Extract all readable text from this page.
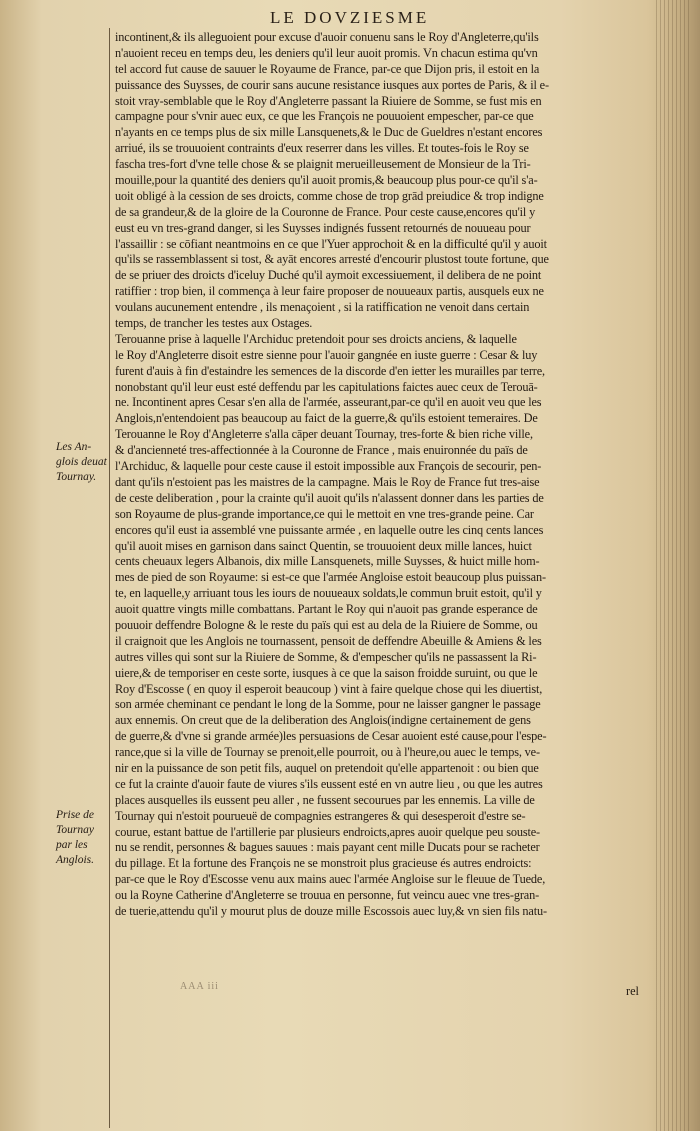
LE DOVZIESME
Les An-
glois deuat
Tournay.
Prise de
Tournay
par les
Anglois.
incontinent,& ils alleguoient pour excuse d'auoir conuenu sans le Roy d'Angleterre,qu'ils
n'auoient receu en temps deu, les deniers qu'il leur auoit promis. Vn chacun estima qu'vn
tel accord fut cause de sauuer le Royaume de France, par-ce que Dijon pris, il estoit en la
puissance des Suysses, de courir sans aucune resistance iusques aux portes de Paris, & il e-
stoit vray-semblable que le Roy d'Angleterre passant la Riuiere de Somme, se fust mis en
campagne pour s'vnir auec eux, ce que les François ne pouuoient empescher, par-ce que
n'ayants en ce temps plus de six mille Lansquenets,& le Duc de Gueldres n'estant encores
arriué, ils se trouuoient contraints d'eux reserrer dans les villes. Et toutes-fois le Roy se
fascha tres-fort d'vne telle chose & se plaignit merueilleusement de Monsieur de la Tri-
mouille,pour la quantité des deniers qu'il auoit promis,& beaucoup plus pour-ce qu'il s'a-
uoit obligé à la cession de ses droicts, comme chose de trop grād preiudice & trop indigne
de sa grandeur,& de la gloire de la Couronne de France. Pour ceste cause,encores qu'il y
eust eu vn tres-grand danger, si les Suysses indignés fussent retournés de nouueau pour
l'assaillir : se cōfiant neantmoins en ce que l'Yuer approchoit & en la difficulté qu'il y auoit
qu'ils se rassemblassent si tost, & ayāt encores arresté d'encourir plustost toute fortune, que
de se priuer des droicts d'iceluy Duché qu'il aymoit excessiuement, il delibera de ne point
ratiffier : trop bien, il commença à leur faire proposer de nouueaux partis, ausquels eux ne
voulans aucunement entendre , ils menaçoient , si la ratiffication ne venoit dans certain
temps, de trancher les testes aux Ostages.
Terouanne prise à laquelle l'Archiduc pretendoit pour ses droicts anciens, & laquelle
le Roy d'Angleterre disoit estre sienne pour l'auoir gangnée en iuste guerre : Cesar & luy
furent d'auis à fin d'estaindre les semences de la discorde d'en ietter les murailles par terre,
nonobstant qu'il leur eust esté deffendu par les capitulations faictes auec ceux de Terouā-
ne. Incontinent apres Cesar s'en alla de l'armée, asseurant,par-ce qu'il en auoit veu que les
Anglois,n'entendoient pas beaucoup au faict de la guerre,& qu'ils estoient temeraires. De
Terouanne le Roy d'Angleterre s'alla cāper deuant Tournay, tres-forte & bien riche ville,
& d'ancienneté tres-affectionnée à la Couronne de France , mais enuironnée du païs de
l'Archiduc, & laquelle pour ceste cause il estoit impossible aux François de secourir, pen-
dant qu'ils n'estoient pas les maistres de la campagne. Mais le Roy de France fut tres-aise
de ceste deliberation , pour la crainte qu'il auoit qu'ils n'alassent donner dans les parties de
son Royaume de plus-grande importance,ce qui le mettoit en vne tres-grande peine. Car
encores qu'il eust ia assemblé vne puissante armée , en laquelle outre les cinq cents lances
qu'il auoit mises en garnison dans sainct Quentin, se trouuoient deux mille lances, huict
cents cheuaux legers Albanois, dix mille Lansquenets, mille Suysses, & huict mille hom-
mes de pied de son Royaume: si est-ce que l'armée Angloise estoit beaucoup plus puissan-
te, en laquelle,y arriuant tous les iours de nouueaux soldats,le commun bruit estoit, qu'il y
auoit quattre vingts mille combattans. Partant le Roy qui n'auoit pas grande esperance de
pouuoir deffendre Bologne & le reste du païs qui est au dela de la Riuiere de Somme, ou
il craignoit que les Anglois ne tournassent, pensoit de deffendre Abeuille & Amiens & les
autres villes qui sont sur la Riuiere de Somme, & d'empescher qu'ils ne passassent la Ri-
uiere,& de temporiser en ceste sorte, iusques à ce que la saison froidde suruint, ou que le
Roy d'Escosse ( en quoy il esperoit beaucoup ) vint à faire quelque chose qui les diuertist,
son armée cheminant ce pendant le long de la Somme, pour ne laisser gangner le passage
aux ennemis. On creut que de la deliberation des Anglois(indigne certainement de gens
de guerre,& d'vne si grande armée)les persuasions de Cesar auoient esté cause,pour l'espe-
rance,que si la ville de Tournay se prenoit,elle pourroit, ou à l'heure,ou auec le temps, ve-
nir en la puissance de son petit fils, auquel on pretendoit qu'elle appartenoit : ou bien que
ce fut la crainte d'auoir faute de viures s'ils eussent esté en vn autre lieu , ou que les autres
places ausquelles ils eussent peu aller , ne fussent secourues par les ennemis. La ville de
Tournay qui n'estoit pourueuë de compagnies estrangeres & qui desesperoit d'estre se-
courue, estant battue de l'artillerie par plusieurs endroicts,apres auoir quelque peu souste-
nu se rendit, personnes & bagues sauues : mais payant cent mille Ducats pour se racheter
du pillage. Et la fortune des François ne se monstroit plus gracieuse és autres endroicts:
par-ce que le Roy d'Escosse venu aux mains auec l'armée Angloise sur le fleuue de Tuede,
ou la Royne Catherine d'Angleterre se trouua en personne, fut veincu auec vne tres-gran-
de tuerie,attendu qu'il y mourut plus de douze mille Escossois auec luy,& vn sien fils natu-
AAA iii	rel
